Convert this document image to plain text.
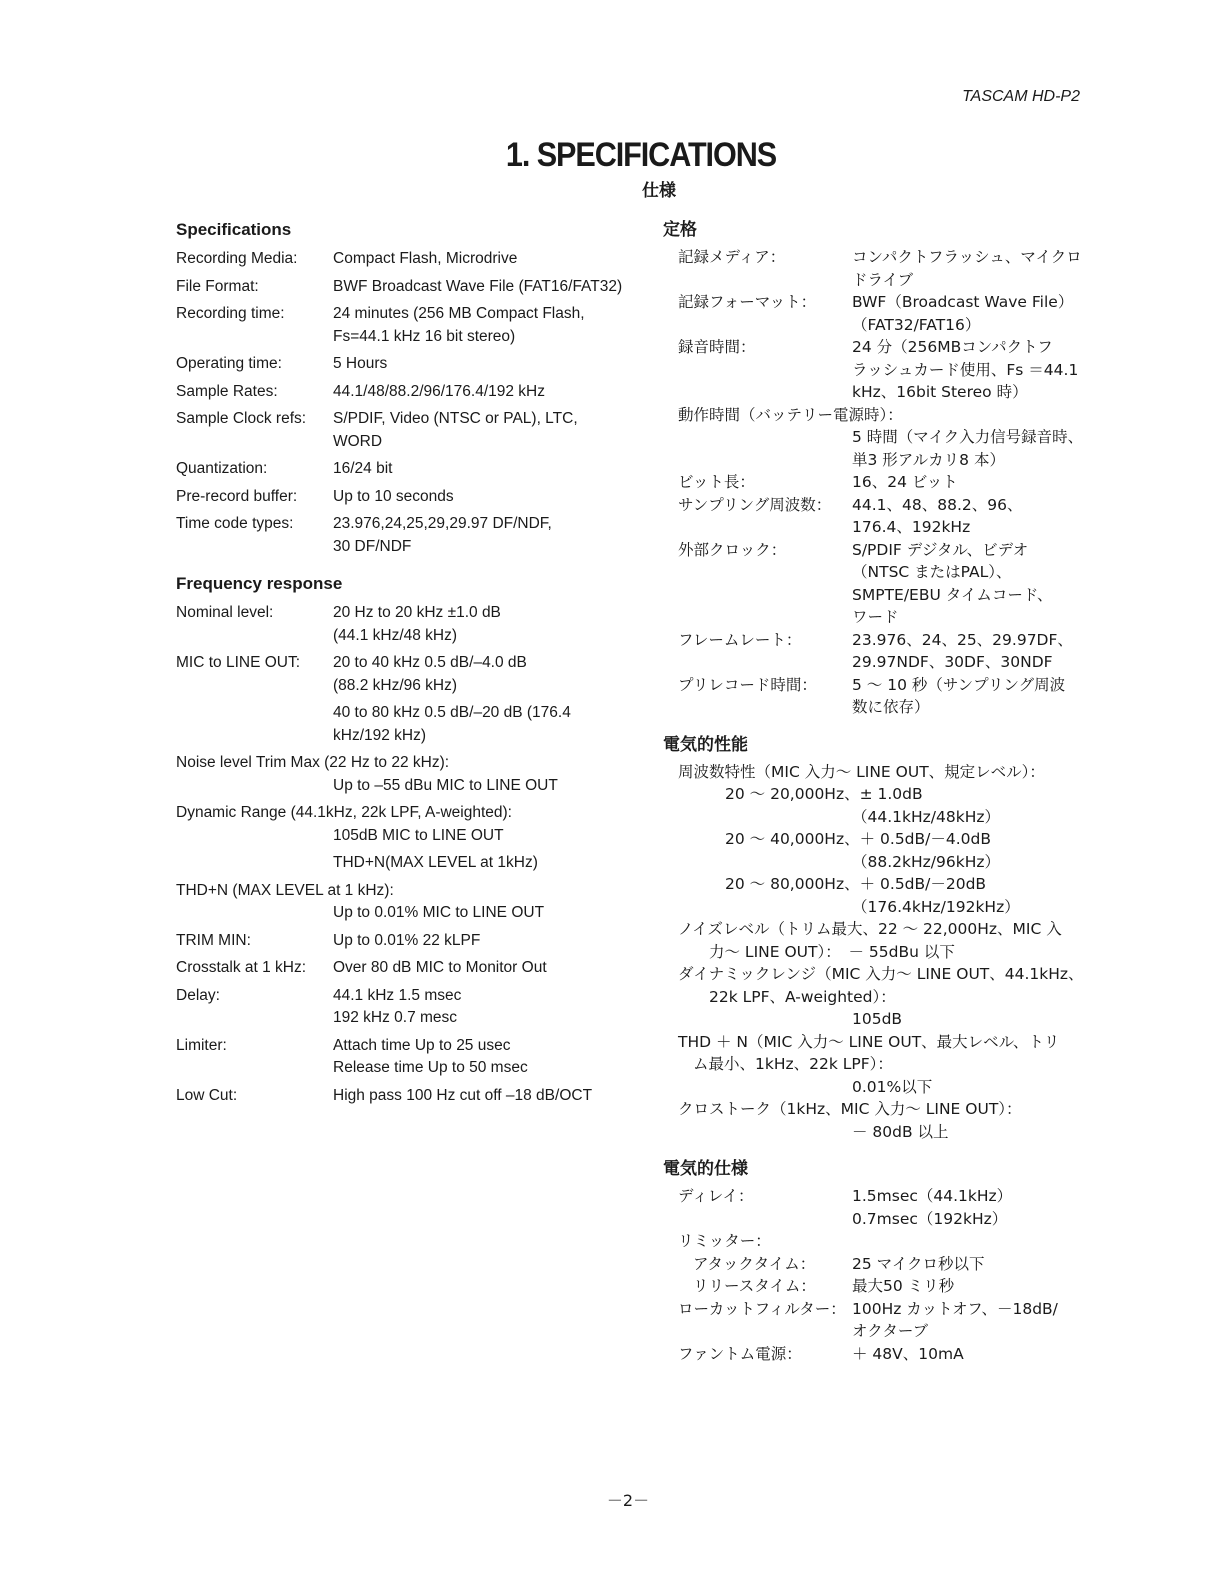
TASCAM HD-P2
1. SPECIFICATIONS
仕様
Specifications
Recording Media:	Compact Flash, Microdrive
File Format:	BWF Broadcast Wave File (FAT16/FAT32)
Recording time:	24 minutes (256 MB Compact Flash,
Fs=44.1 kHz 16 bit stereo)
Operating time:	5 Hours
Sample Rates:	44.1/48/88.2/96/176.4/192 kHz
Sample Clock refs:	S/PDIF, Video (NTSC or PAL), LTC,
WORD
Quantization:	16/24 bit
Pre-record buffer:	Up to 10 seconds
Time code types:	23.976,24,25,29,29.97 DF/NDF,
30 DF/NDF
Frequency response
Nominal level:	20 Hz to 20 kHz ±1.0 dB
(44.1 kHz/48 kHz)
MIC to LINE OUT:	20 to 40 kHz 0.5 dB/–4.0 dB
(88.2 kHz/96 kHz)
40 to 80 kHz 0.5 dB/–20 dB (176.4
kHz/192 kHz)
Noise level Trim Max (22 Hz to 22 kHz):
Up to –55 dBu MIC to LINE OUT
Dynamic Range (44.1kHz, 22k LPF, A-weighted):
105dB MIC to LINE OUT
THD+N(MAX LEVEL at 1kHz)
THD+N (MAX LEVEL at 1 kHz):
Up to 0.01% MIC to LINE OUT
TRIM MIN:	Up to 0.01% 22 kLPF
Crosstalk at 1 kHz:	Over 80 dB MIC to Monitor Out
Delay:	44.1 kHz 1.5 msec
192 kHz 0.7 mesc
Limiter:	Attach time Up to 25 usec
Release time Up to 50 msec
Low Cut:	High pass 100 Hz cut off –18 dB/OCT
定格
記録メディア：	コンパクトフラッシュ、マイクロ
ドライブ
記録フォーマット：	BWF（Broadcast Wave File）
（FAT32/FAT16）
録音時間：	24 分（256MBコンパクトフ
ラッシュカード使用、Fs ＝44.1
kHz、16bit Stereo 時）
動作時間（バッテリー電源時）：
5 時間（マイク入力信号録音時、
単3 形アルカリ8 本）
ビット長：	16、24 ビット
サンプリング周波数：	44.1、48、88.2、96、
176.4、192kHz
外部クロック：	S/PDIF デジタル、ビデオ
（NTSC またはPAL）、
SMPTE/EBU タイムコード、
ワード
フレームレート：	23.976、24、25、29.97DF、
29.97NDF、30DF、30NDF
プリレコード時間：	5 ～ 10 秒（サンプリング周波
数に依存）
電気的性能
周波数特性（MIC 入力～ LINE OUT、規定レベル）：
20 ～ 20,000Hz、± 1.0dB
（44.1kHz/48kHz）
20 ～ 40,000Hz、＋ 0.5dB/－4.0dB
（88.2kHz/96kHz）
20 ～ 80,000Hz、＋ 0.5dB/－20dB
（176.4kHz/192kHz）
ノイズレベル（トリム最大、22 ～ 22,000Hz、MIC 入
力～ LINE OUT）：　－ 55dBu 以下
ダイナミックレンジ（MIC 入力～ LINE OUT、44.1kHz、
22k LPF、A-weighted）：
105dB
THD ＋ N（MIC 入力～ LINE OUT、最大レベル、トリ
ム最小、1kHz、22k LPF）：
0.01%以下
クロストーク（1kHz、MIC 入力～ LINE OUT）：
－ 80dB 以上
電気的仕様
ディレイ：	1.5msec（44.1kHz）
0.7msec（192kHz）
リミッター：
アタックタイム：	25 マイクロ秒以下
リリースタイム：	最大50 ミリ秒
ローカットフィルター： 100Hz カットオフ、－18dB/
オクターブ
ファントム電源：	＋ 48V、10mA
－2－
